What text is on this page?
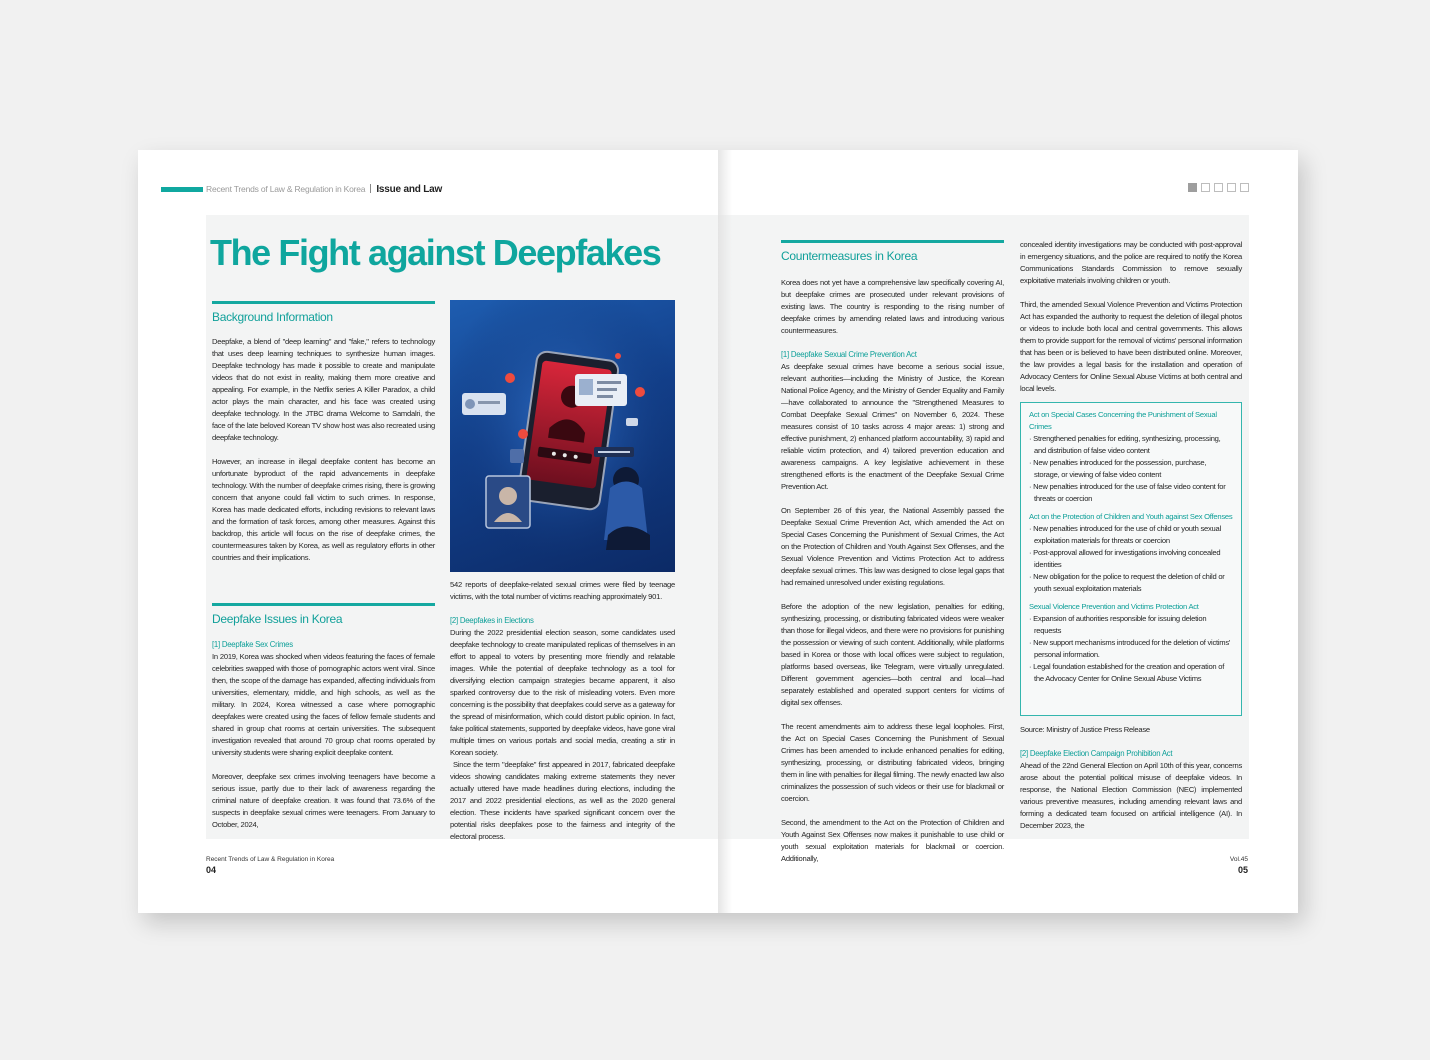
Recent Trends of Law & Regulation in Korea Issue and Law
The Fight against Deepfakes
Background Information

Deepfake, a blend of "deep learning" and "fake," refers to technology that uses deep learning techniques to synthesize human images. Deepfake technology has made it possible to create and manipulate videos that do not exist in reality, making them more creative and appealing. For example, in the Netflix series A Killer Paradox, a child actor plays the main character, and his face was created using deepfake technology. In the JTBC drama Welcome to Samdalri, the face of the late beloved Korean TV show host was also recreated using deepfake technology.

However, an increase in illegal deepfake content has become an unfortunate byproduct of the rapid advancements in deepfake technology. With the number of deepfake crimes rising, there is growing concern that anyone could fall victim to such crimes. In response, Korea has made dedicated efforts, including revisions to relevant laws and the formation of task forces, among other measures. Against this backdrop, this article will focus on the rise of deepfake crimes, the countermeasures taken by Korea, as well as regulatory efforts in other countries and their implications.

Deepfake Issues in Korea
[1] Deepfake Sex Crimes

In 2019, Korea was shocked when videos featuring the faces of female celebrities swapped with those of pornographic actors went viral. Since then, the scope of the damage has expanded, affecting individuals from universities, elementary, middle, and high schools, as well as the military. In 2024, Korea witnessed a case where pornographic deepfakes were created using the faces of fellow female students and shared in group chat rooms at certain universities. The subsequent investigation revealed that around 70 group chat rooms operated by university students were sharing explicit deepfake content.

Moreover, deepfake sex crimes involving teenagers have become a serious issue, partly due to their lack of awareness regarding the criminal nature of deepfake creation. It was found that 73.6% of the suspects in deepfake sexual crimes were teenagers. From January to October, 2024,

542 reports of deepfake-related sexual crimes were filed by teenage victims, with the total number of victims reaching approximately 901.

[2] Deepfakes in Elections

During the 2022 presidential election season, some candidates used deepfake technology to create manipulated replicas of themselves in an effort to appeal to voters by presenting more friendly and relatable images. While the potential of deepfake technology as a tool for diversifying election campaign strategies became apparent, it also sparked controversy due to the risk of misleading voters. Even more concerning is the possibility that deepfakes could serve as a gateway for the spread of misinformation, which could distort public opinion. In fact, fake political statements, supported by deepfake videos, have gone viral multiple times on various portals and social media, creating a stir in Korean society.

Since the term "deepfake" first appeared in 2017, fabricated deepfake videos showing candidates making extreme statements they never actually uttered have made headlines during elections, including the 2017 and 2022 presidential elections, as well as the 2020 general election. These incidents have sparked significant concern over the potential risks deepfakes pose to the fairness and integrity of the electoral process.

Recent Trends of Law & Regulation in Korea
04
Countermeasures in Korea

Korea does not yet have a comprehensive law specifically covering AI, but deepfake crimes are prosecuted under relevant provisions of existing laws. The country is responding to the rising number of deepfake crimes by amending related laws and introducing various countermeasures.

[1] Deepfake Sexual Crime Prevention Act

As deepfake sexual crimes have become a serious social issue, relevant authorities—including the Ministry of Justice, the Korean National Police Agency, and the Ministry of Gender Equality and Family—have collaborated to announce the "Strengthened Measures to Combat Deepfake Sexual Crimes" on November 6, 2024. These measures consist of 10 tasks across 4 major areas: 1) strong and effective punishment, 2) enhanced platform accountability, 3) rapid and reliable victim protection, and 4) tailored prevention education and awareness campaigns. A key legislative achievement in these strengthened efforts is the enactment of the Deepfake Sexual Crime Prevention Act.

On September 26 of this year, the National Assembly passed the Deepfake Sexual Crime Prevention Act, which amended the Act on Special Cases Concerning the Punishment of Sexual Crimes, the Act on the Protection of Children and Youth Against Sex Offenses, and the Sexual Violence Prevention and Victims Protection Act to address deepfake sexual crimes. This law was designed to close legal gaps that had remained unresolved under existing regulations.

Before the adoption of the new legislation, penalties for editing, synthesizing, processing, or distributing fabricated videos were weaker than those for illegal videos, and there were no provisions for punishing the possession or viewing of such content. Additionally, while platforms based in Korea or those with local offices were subject to regulation, platforms based overseas, like Telegram, were virtually unregulated. Different government agencies—both central and local—had separately established and operated support centers for victims of digital sex offenses.

The recent amendments aim to address these legal loopholes. First, the Act on Special Cases Concerning the Punishment of Sexual Crimes has been amended to include enhanced penalties for editing, synthesizing, processing, or distributing fabricated videos, bringing them in line with penalties for illegal filming. The newly enacted law also criminalizes the possession of such videos or their use for blackmail or coercion.

Second, the amendment to the Act on the Protection of Children and Youth Against Sex Offenses now makes it punishable to use child or youth sexual exploitation materials for blackmail or coercion. Additionally,

concealed identity investigations may be conducted with post-approval in emergency situations, and the police are required to notify the Korea Communications Standards Commission to remove sexually exploitative materials involving children or youth.

Third, the amended Sexual Violence Prevention and Victims Protection Act has expanded the authority to request the deletion of illegal photos or videos to include both local and central governments. This allows them to provide support for the removal of victims' personal information that has been or is believed to have been distributed online. Moreover, the law provides a legal basis for the installation and operation of Advocacy Centers for Online Sexual Abuse Victims at both central and local levels.

Act on Special Cases Concerning the Punishment of Sexual Crimes
· Strengthened penalties for editing, synthesizing, processing, and distribution of false video content
· New penalties introduced for the possession, purchase, storage, or viewing of false video content
· New penalties introduced for the use of false video content for threats or coercion
Act on the Protection of Children and Youth against Sex Offenses
· New penalties introduced for the use of child or youth sexual exploitation materials for threats or coercion
· Post-approval allowed for investigations involving concealed identities
· New obligation for the police to request the deletion of child or youth sexual exploitation materials
Sexual Violence Prevention and Victims Protection Act
· Expansion of authorities responsible for issuing deletion requests
· New support mechanisms introduced for the deletion of victims' personal information.
· Legal foundation established for the creation and operation of the Advocacy Center for Online Sexual Abuse Victims

Source: Ministry of Justice Press Release

[2] Deepfake Election Campaign Prohibition Act

Ahead of the 22nd General Election on April 10th of this year, concerns arose about the potential political misuse of deepfake videos. In response, the National Election Commission (NEC) implemented various preventive measures, including amending relevant laws and forming a dedicated team focused on artificial intelligence (AI). In December 2023, the

Vol.45
05
